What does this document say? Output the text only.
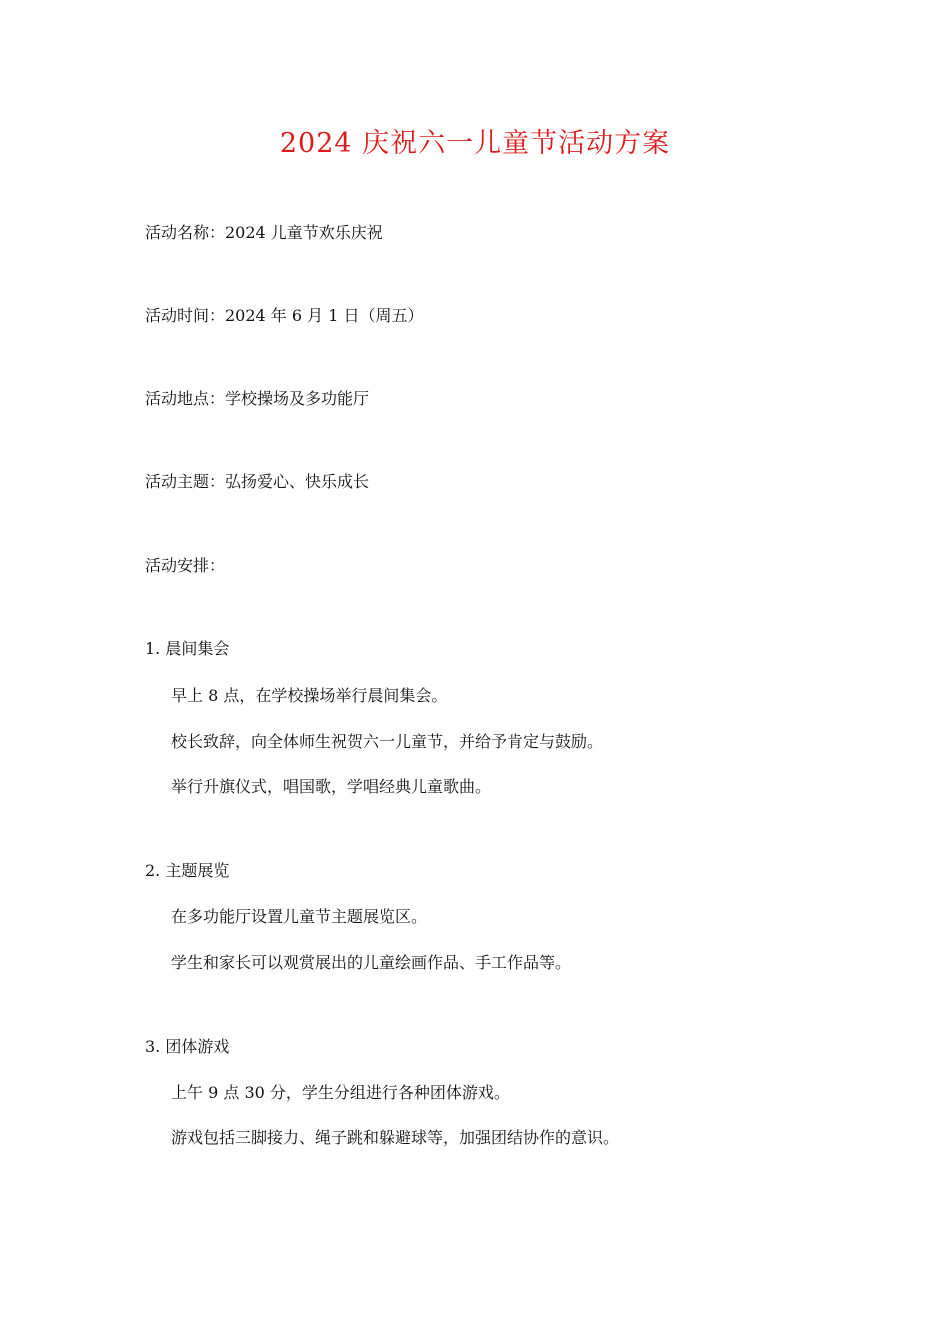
2024 庆祝六一儿童节活动方案
活动名称：2024 儿童节欢乐庆祝
活动时间：2024 年 6 月 1 日（周五）
活动地点：学校操场及多功能厅
活动主题：弘扬爱心、快乐成长
活动安排：
1. 晨间集会
早上 8 点，在学校操场举行晨间集会。
校长致辞，向全体师生祝贺六一儿童节，并给予肯定与鼓励。
举行升旗仪式，唱国歌，学唱经典儿童歌曲。
2. 主题展览
在多功能厅设置儿童节主题展览区。
学生和家长可以观赏展出的儿童绘画作品、手工作品等。
3. 团体游戏
上午 9 点 30 分，学生分组进行各种团体游戏。
游戏包括三脚接力、绳子跳和躲避球等，加强团结协作的意识。
